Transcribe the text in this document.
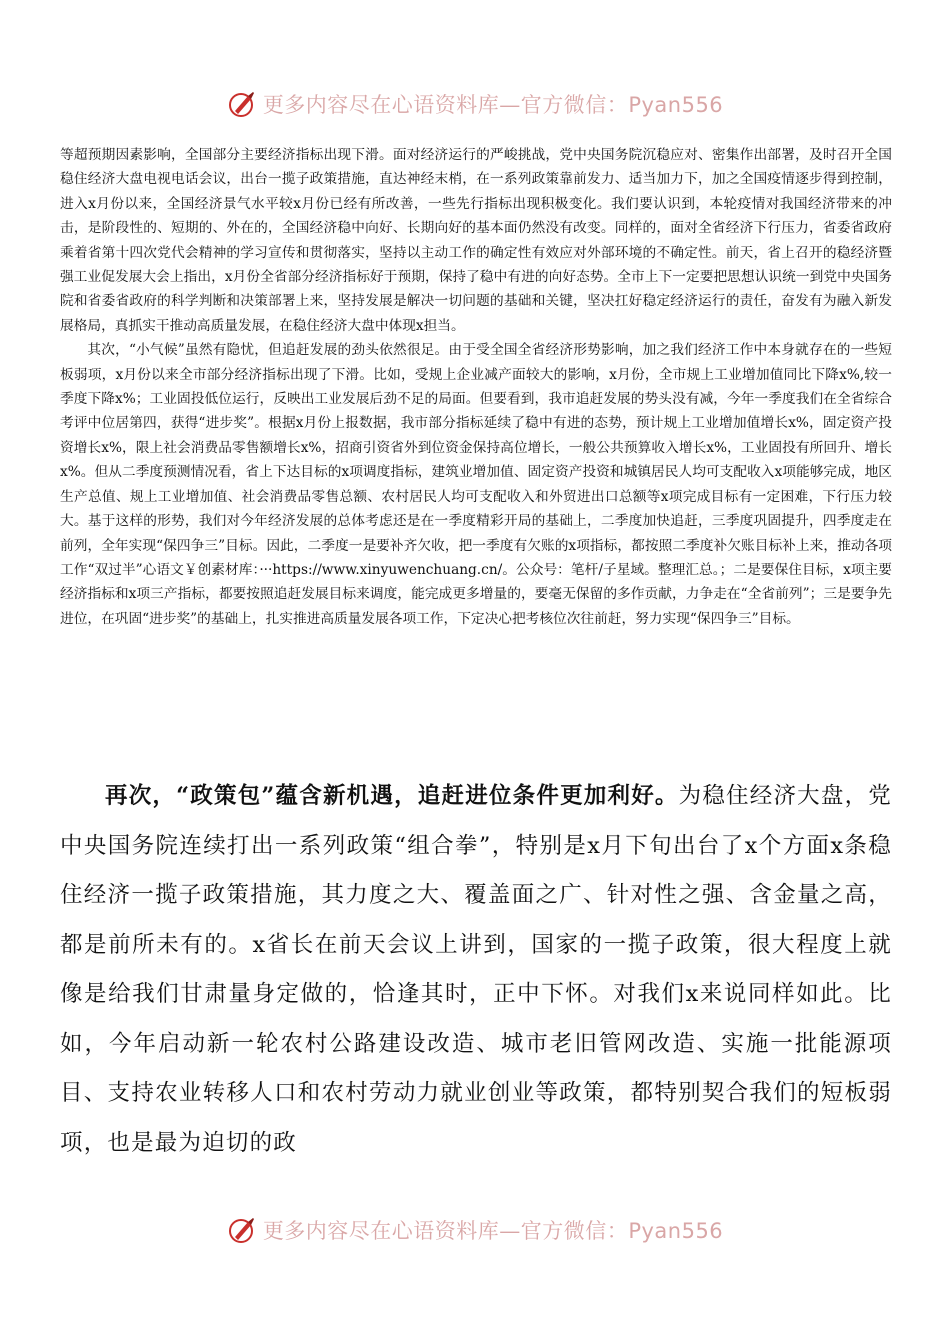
更多内容尽在心语资料库—官方微信：Pyan556

等超预期因素影响，全国部分主要经济指标出现下滑。面对经济运行的严峻挑战，党中央国务院沉稳应对、密集作出部署，及时召开全国稳住经济大盘电视电话会议，出台一揽子政策措施，直达神经末梢，在一系列政策靠前发力、适当加力下，加之全国疫情逐步得到控制，进入x月份以来，全国经济景气水平较x月份已经有所改善，一些先行指标出现积极变化。我们要认识到，本轮疫情对我国经济带来的冲击，是阶段性的、短期的、外在的，全国经济稳中向好、长期向好的基本面仍然没有改变。同样的，面对全省经济下行压力，省委省政府乘着省第十四次党代会精神的学习宣传和贯彻落实，坚持以主动工作的确定性有效应对外部环境的不确定性。前天，省上召开的稳经济暨强工业促发展大会上指出，x月份全省部分经济指标好于预期，保持了稳中有进的向好态势。全市上下一定要把思想认识统一到党中央国务院和省委省政府的科学判断和决策部署上来，坚持发展是解决一切问题的基础和关键，坚决扛好稳定经济运行的责任，奋发有为融入新发展格局，真抓实干推动高质量发展，在稳住经济大盘中体现x担当。

其次，“小气候”虽然有隐忧，但追赶发展的劲头依然很足。由于受全国全省经济形势影响，加之我们经济工作中本身就存在的一些短板弱项，x月份以来全市部分经济指标出现了下滑。比如，受规上企业减产面较大的影响，x月份，全市规上工业增加值同比下降x%,较一季度下降x%；工业固投低位运行，反映出工业发展后劲不足的局面。但要看到，我市追赶发展的势头没有减，今年一季度我们在全省综合考评中位居第四，获得“进步奖”。根据x月份上报数据，我市部分指标延续了稳中有进的态势，预计规上工业增加值增长x%，固定资产投资增长x%，限上社会消费品零售额增长x%，招商引资省外到位资金保持高位增长，一般公共预算收入增长x%，工业固投有所回升、增长x%。但从二季度预测情况看，省上下达目标的x项调度指标，建筑业增加值、固定资产投资和城镇居民人均可支配收入x项能够完成，地区生产总值、规上工业增加值、社会消费品零售总额、农村居民人均可支配收入和外贸进出口总额等x项完成目标有一定困难，下行压力较大。基于这样的形势，我们对今年经济发展的总体考虑还是在一季度精彩开局的基础上，二季度加快追赶，三季度巩固提升，四季度走在前列，全年实现“保四争三”目标。因此，二季度一是要补齐欠收，把一季度有欠账的x项指标，都按照二季度补欠账目标补上来，推动各项工作“双过半”心语文￥创素材库：···https://www.xinyuwenchuang.cn/。公众号：笔杆/子星域。整理汇总。；二是要保住目标，x项主要经济指标和x项三产指标，都要按照追赶发展目标来调度，能完成更多增量的，要毫无保留的多作贡献，力争走在“全省前列”；三是要争先进位，在巩固“进步奖”的基础上，扎实推进高质量发展各项工作，下定决心把考核位次往前赶，努力实现“保四争三”目标。

再次，“政策包”蕴含新机遇，追赶进位条件更加利好。为稳住经济大盘，党中央国务院连续打出一系列政策“组合拳”，特别是x月下旬出台了x个方面x条稳住经济一揽子政策措施，其力度之大、覆盖面之广、针对性之强、含金量之高，都是前所未有的。x省长在前天会议上讲到，国家的一揽子政策，很大程度上就像是给我们甘肃量身定做的，恰逢其时，正中下怀。对我们x来说同样如此。比如，今年启动新一轮农村公路建设改造、城市老旧管网改造、实施一批能源项目、支持农业转移人口和农村劳动力就业创业等政策，都特别契合我们的短板弱项，也是最为迫切的政

更多内容尽在心语资料库—官方微信：Pyan556
